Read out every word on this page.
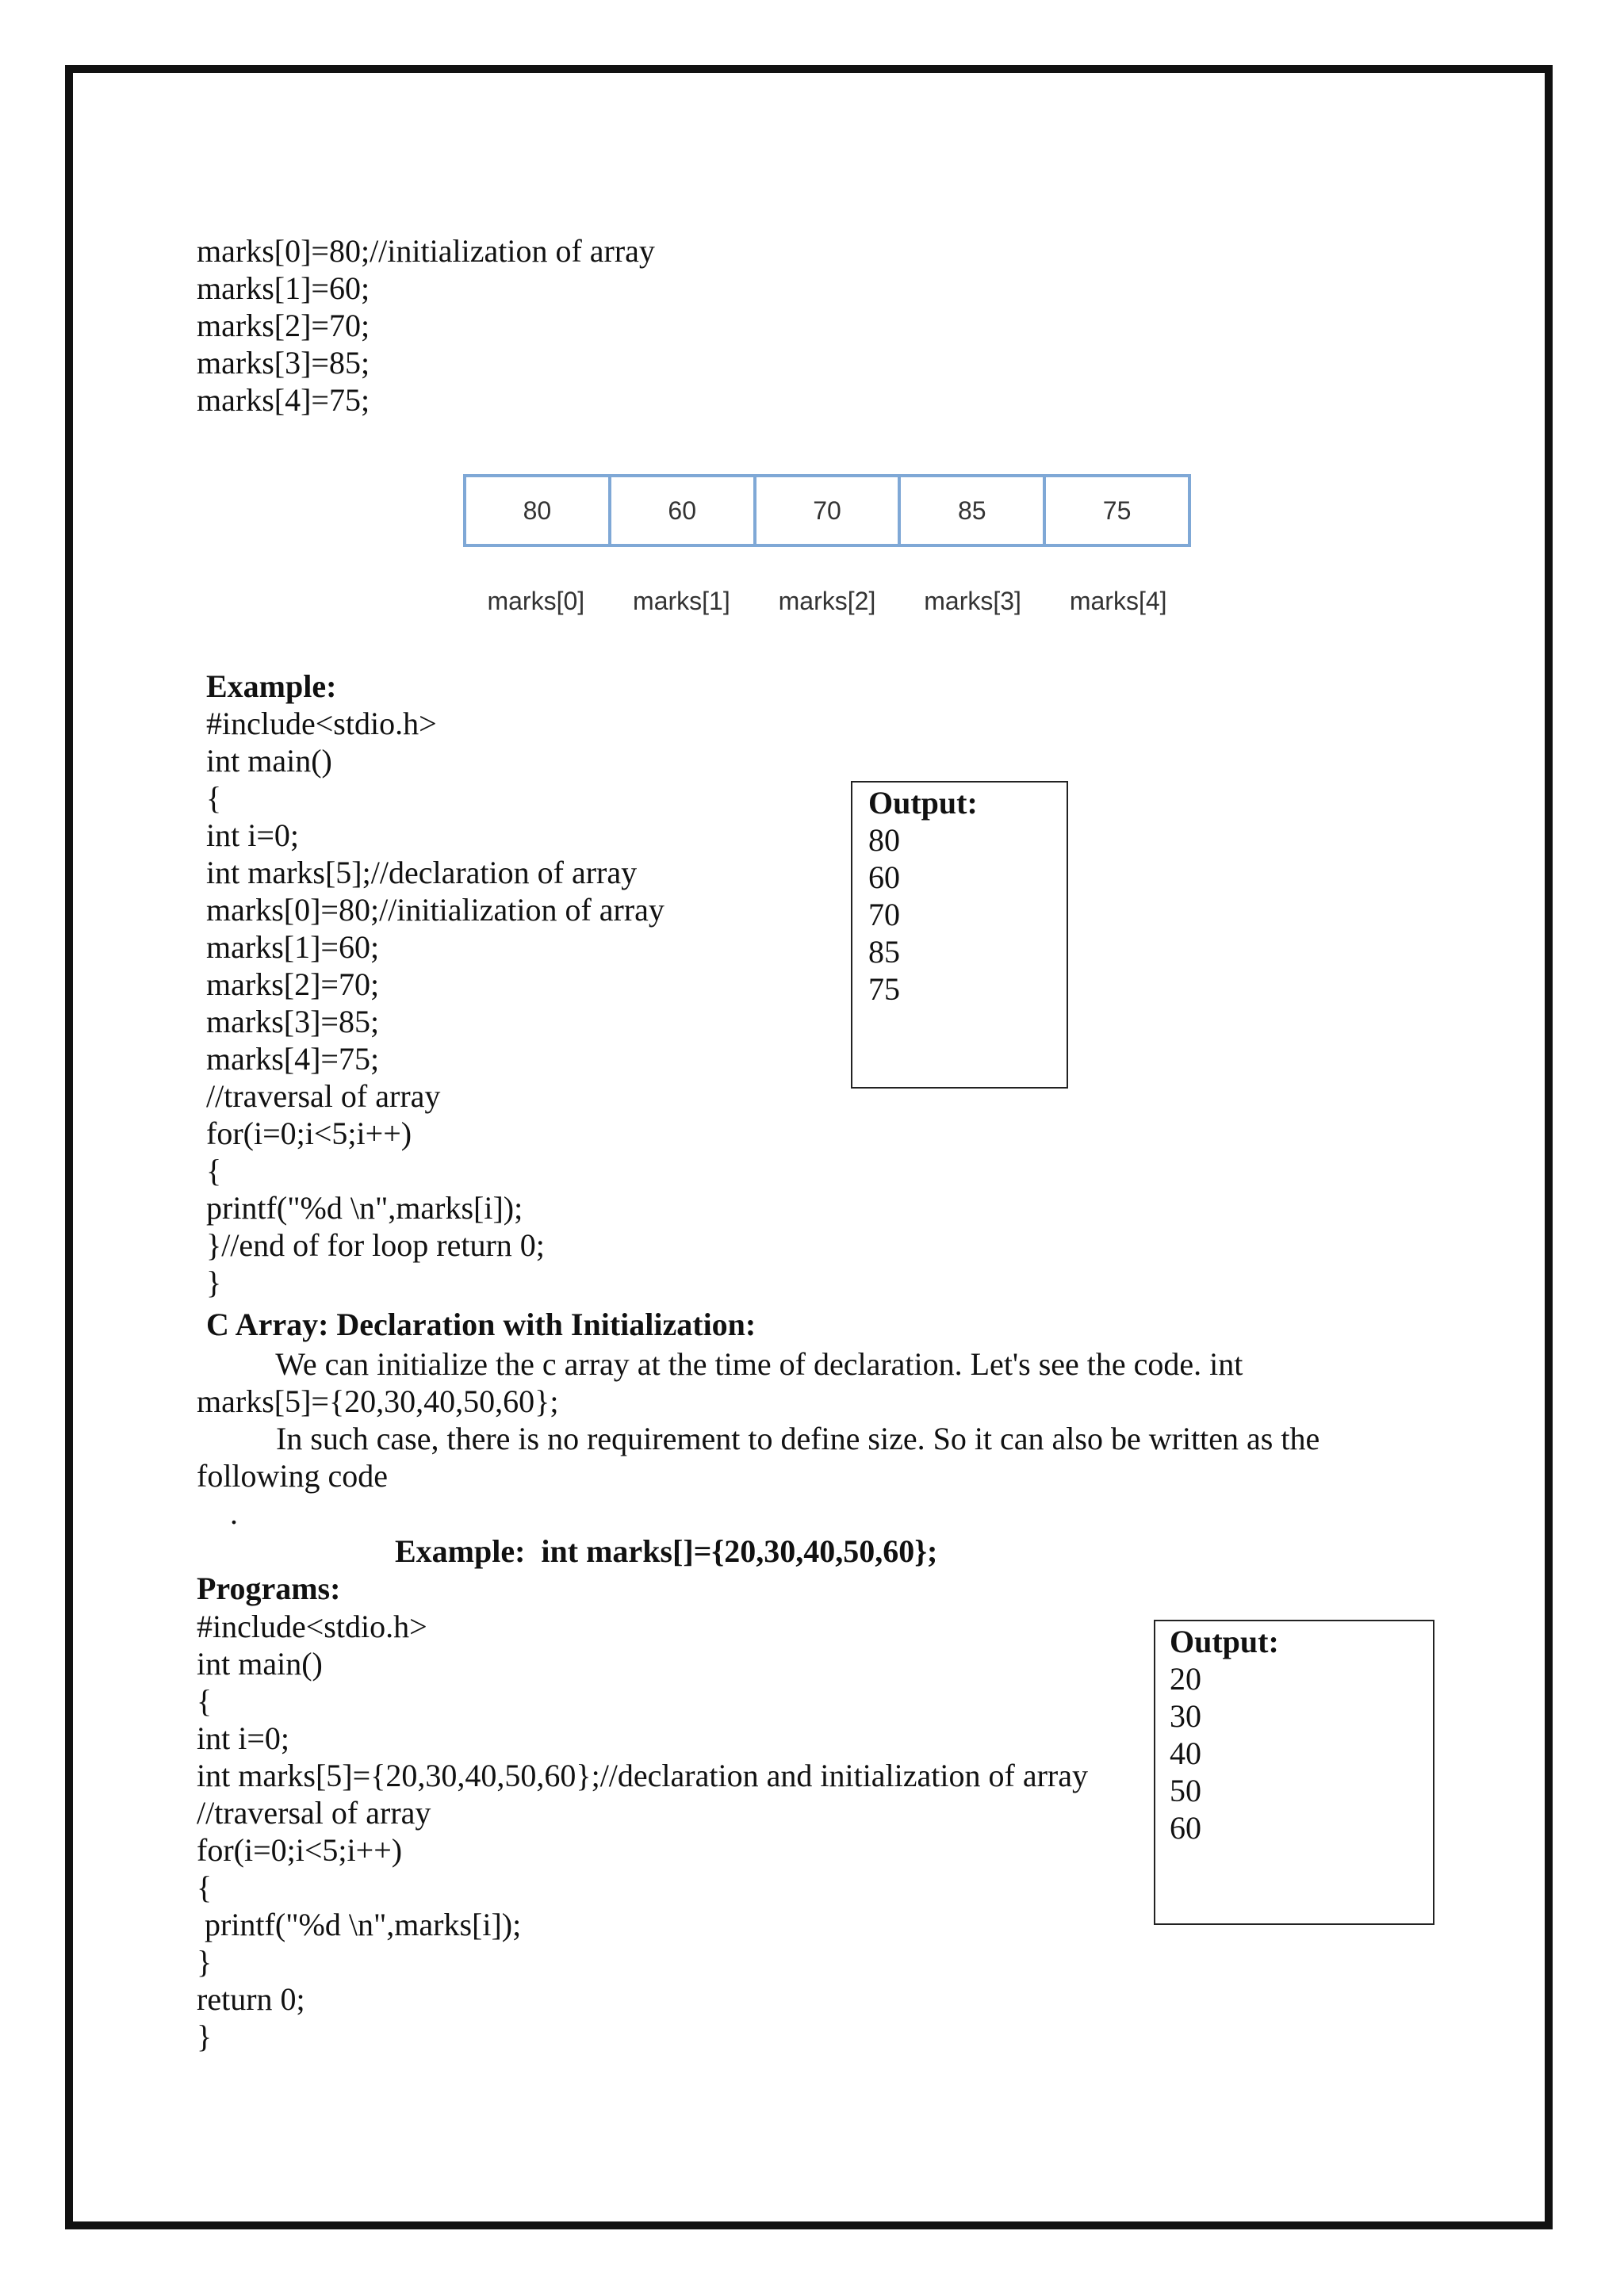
marks[0]=80;//initialization of array
marks[1]=60;
marks[2]=70;
marks[3]=85;
marks[4]=75;
80	60	70	85	75
marks[0]	marks[1]	marks[2]	marks[3]	marks[4]
Example:
#include<stdio.h>
int main()
{
int i=0;
int marks[5];//declaration of array
marks[0]=80;//initialization of array
marks[1]=60;
marks[2]=70;
marks[3]=85;
marks[4]=75;
//traversal of array
for(i=0;i<5;i++)
{
printf("%d \n",marks[i]);
}//end of for loop return 0;
}
Output:
80
60
70
85
75
C Array: Declaration with Initialization:
We can initialize the c array at the time of declaration. Let's see the code. int
marks[5]={20,30,40,50,60};
In such case, there is no requirement to define size. So it can also be written as the
following code
.
Example:  int marks[]={20,30,40,50,60};
Programs:
#include<stdio.h>
int main()
{
int i=0;
int marks[5]={20,30,40,50,60};//declaration and initialization of array
//traversal of array
for(i=0;i<5;i++)
{
printf("%d \n",marks[i]);
}
return 0;
}
Output:
20
30
40
50
60
